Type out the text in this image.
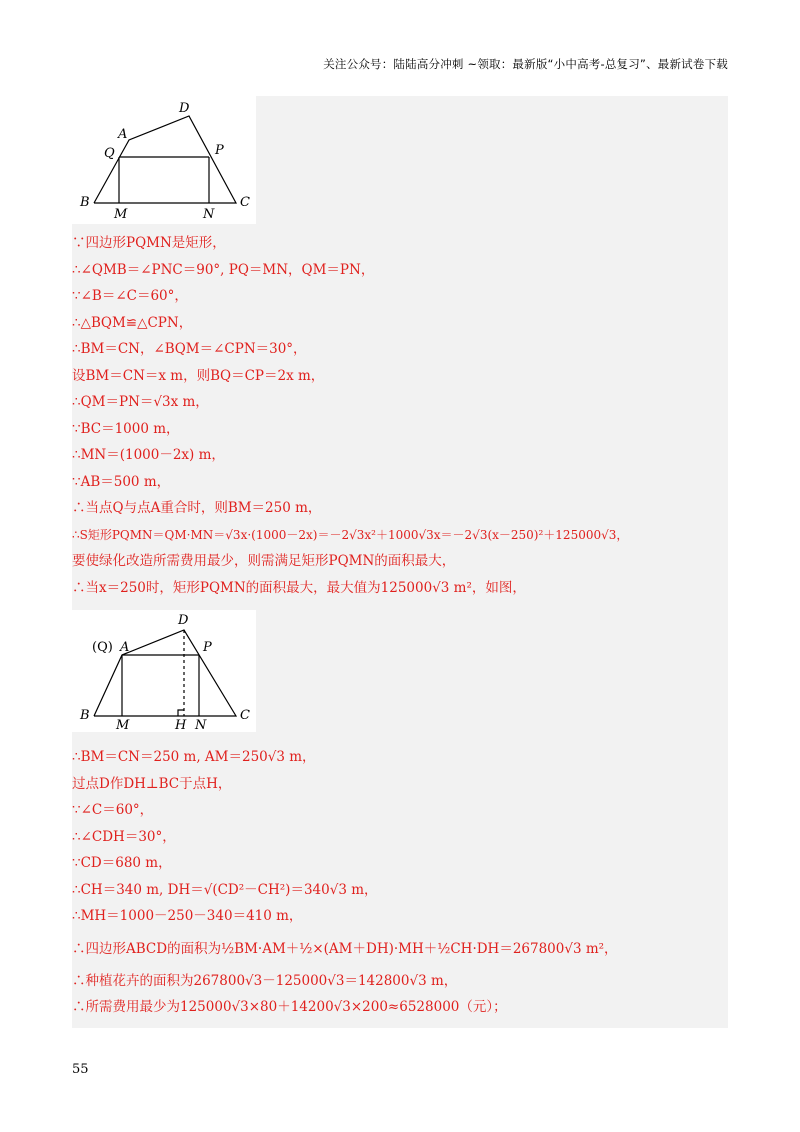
关注公众号：陆陆高分冲刺 ~领取：最新版“小中高考-总复习”、最新试卷下载
D
A
Q	P
B	C
M	N
∵四边形PQMN是矩形，
∴∠QMB＝∠PNC＝90°, PQ＝MN，QM＝PN，
∵∠B＝∠C＝60°，
∴△BQM≌△CPN，
∴BM＝CN，∠BQM＝∠CPN＝30°，
设BM＝CN＝x m，则BQ＝CP＝2x m，
∴QM＝PN＝√3x m，
∵BC＝1000 m，
∴MN＝(1000－2x) m，
∵AB＝500 m，
∴当点Q与点A重合时，则BM＝250 m，
∴S矩形PQMN＝QM·MN＝√3x·(1000－2x)＝－2√3x²＋1000√3x＝－2√3(x－250)²＋125000√3，
要使绿化改造所需费用最少，则需满足矩形PQMN的面积最大，
∴当x＝250时，矩形PQMN的面积最大，最大值为125000√3 m²，如图，
(Q) A
D
P
B	C
M	H N
∴BM＝CN＝250 m, AM＝250√3 m，
过点D作DH⊥BC于点H，
∵∠C＝60°，
∴∠CDH＝30°，
∵CD＝680 m，
∴CH＝340 m, DH＝√(CD²－CH²)＝340√3 m，
∴MH＝1000－250－340＝410 m，
∴四边形ABCD的面积为½BM·AM＋½×(AM＋DH)·MH＋½CH·DH＝267800√3 m²，
∴种植花卉的面积为267800√3－125000√3＝142800√3 m，
∴所需费用最少为125000√3×80＋14200√3×200≈6528000（元）；
55
